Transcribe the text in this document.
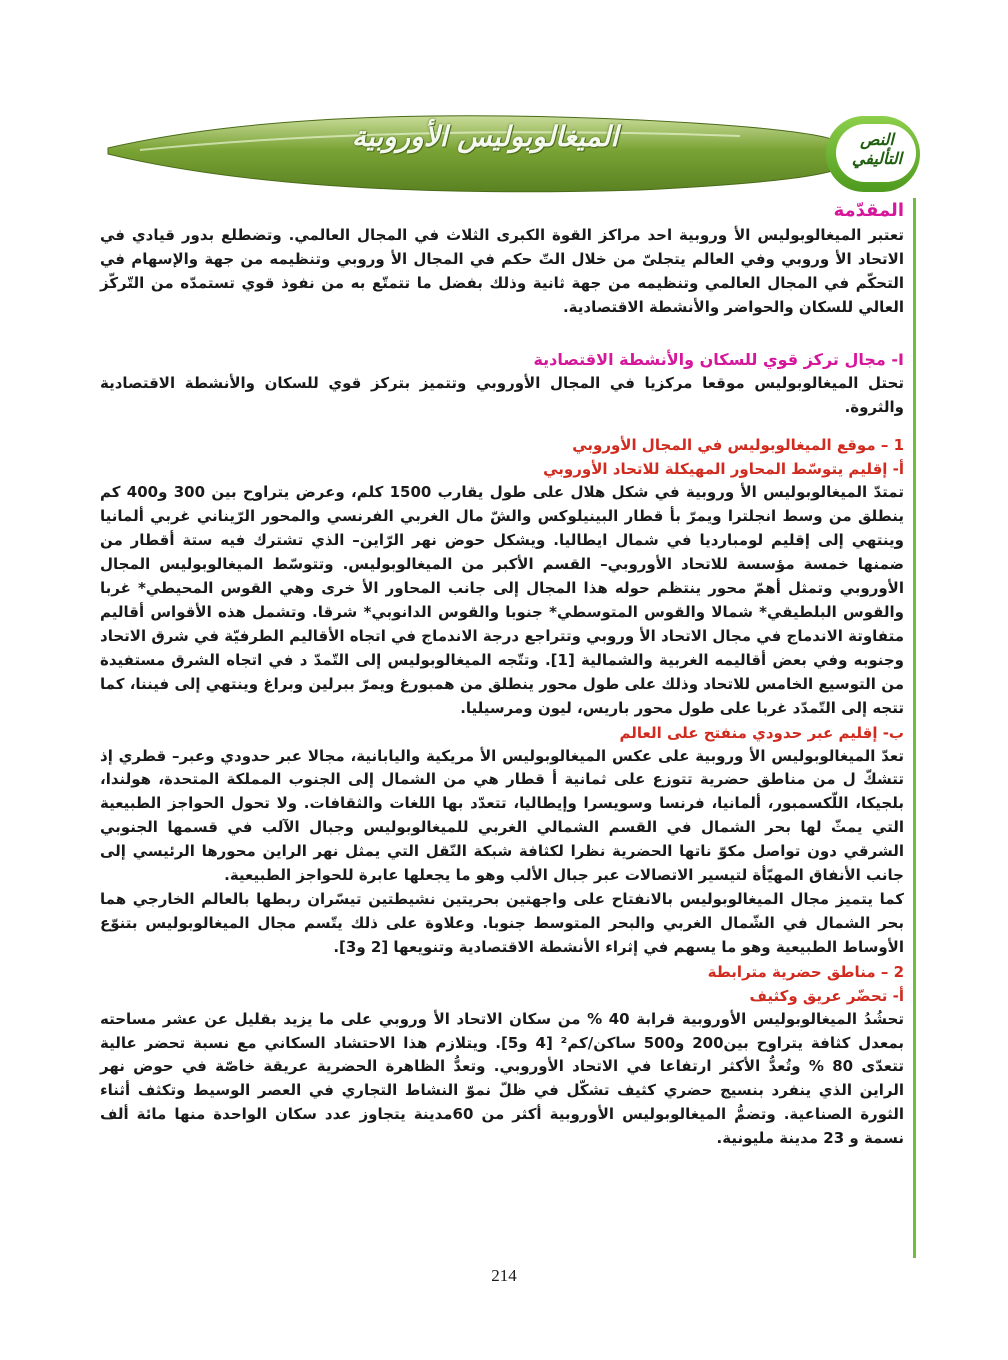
الميغالوبوليس الأوروبية	النص التأليفي

المقدّمة

تعتبر الميغالوبوليس الأ وروبية احد مراكز القوة الكبرى الثلاث في المجال العالمي. وتضطلع بدور قيادي في الاتحاد الأ وروبي وفي العالم يتجلىّ من خلال التّ حكم في المجال الأ وروبي وتنظيمه من جهة والإسهام في التحكّم في المجال العالمي وتنظيمه من جهة ثانية وذلك بفضل ما تتمتّع به من نفوذ قوي تستمدّه من التّركّز العالي للسكان والحواضر والأنشطة الاقتصادية.

I- مجال تركز قوي للسكان والأنشطة الاقتصادية

تحتل الميغالوبوليس موقعا مركزيا في المجال الأوروبي وتتميز بتركز قوي للسكان والأنشطة الاقتصادية والثروة.

1 – موقع الميغالوبوليس في المجال الأوروبي

أ- إقليم يتوسّط المحاور المهيكلة للاتحاد الأوروبي

تمتدّ الميغالوبوليس الأ وروبية في شكل هلال على طول يقارب 1500 كلم، وعرض يتراوح بين 300 و400 كم ينطلق من وسط انجلترا ويمرّ بأ قطار البينيلوكس والشّ مال الغربي الفرنسي والمحور الرّيناني غربي ألمانيا وينتهي إلى إقليم لومبارديا في شمال ايطاليا. ويشكل حوض نهر الرّاين– الذي تشترك فيه ستة أقطار من ضمنها خمسة مؤسسة للاتحاد الأوروبي– القسم الأكبر من الميغالوبوليس. وتتوسّط الميغالوبوليس المجال الأوروبي وتمثل أهمّ محور ينتظم حوله هذا المجال إلى جانب المحاور الأ خرى وهي القوس المحيطي* غربا والقوس البلطيقي* شمالا والقوس المتوسطي* جنوبا والقوس الدانوبي* شرقا. وتشمل هذه الأقواس أقاليم متفاوتة الاندماج في مجال الاتحاد الأ وروبي وتتراجع درجة الاندماج في اتجاه الأقاليم الطرفيّة في شرق الاتحاد وجنوبه وفي بعض أقاليمه الغربية والشمالية [1]. وتتّجه الميغالوبوليس إلى التّمدّ د في اتجاه الشرق مستفيدة من التوسيع الخامس للاتحاد وذلك على طول محور ينطلق من همبورغ ويمرّ ببرلين وبراغ وينتهي إلى فيننا، كما تتجه إلى التّمدّد غربا على طول محور باريس، ليون ومرسيليا.

ب- إقليم عبر حدودي منفتح على العالم

تعدّ الميغالوبوليس الأ وروبية على عكس الميغالوبوليس الأ مريكية واليابانية، مجالا عبر حدودي وعبر– قطري إذ تتشكّ ل من مناطق حضرية تتوزع على ثمانية أ قطار هي من الشمال إلى الجنوب المملكة المتحدة، هولندا، بلجيكا، اللّكسمبور، ألمانيا، فرنسا وسويسرا وإيطاليا، تتعدّد بها اللغات والثقافات. ولا تحول الحواجز الطبيعية التي يمثّ لها بحر الشمال في القسم الشمالي الغربي للميغالوبوليس وجبال الآلب في قسمها الجنوبي الشرقي دون تواصل مكوّ ناتها الحضرية نظرا لكثافة شبكة النّقل التي يمثل نهر الراين محورها الرئيسي إلى جانب الأنفاق المهيّأة لتيسير الاتصالات عبر جبال الألب وهو ما يجعلها عابرة للحواجز الطبيعية.

كما يتميز مجال الميغالوبوليس بالانفتاح على واجهتين بحريتين نشيطتين تيسّران ربطها بالعالم الخارجي هما بحر الشمال في الشّمال الغربي والبحر المتوسط جنوبا. وعلاوة على ذلك يتّسم مجال الميغالوبوليس بتنوّع الأوساط الطبيعية وهو ما يسهم في إثراء الأنشطة الاقتصادية وتنويعها [2 و3].

2 – مناطق حضرية مترابطة

أ- تحضّر عريق وكثيف

تحشُدُ الميغالوبوليس الأوروبية قرابة 40 % من سكان الاتحاد الأ وروبي على ما يزيد بقليل عن عشر مساحته بمعدل كثافة يتراوح بين200 و500 ساكن/كم² [4 و5]. ويتلازم هذا الاحتشاد السكاني مع نسبة تحضر عالية تتعدّى 80 % وتُعدُّ الأكثر ارتفاعا في الاتحاد الأوروبي. وتعدُّ الظاهرة الحضرية عريقة خاصّة في حوض نهر الراين الذي ينفرد بنسيج حضري كثيف تشكّل في ظلّ نموّ النشاط التجاري في العصر الوسيط وتكثف أثناء الثورة الصناعية. وتضمُّ الميغالوبوليس الأوروبية أكثر من 60مدينة يتجاوز عدد سكان الواحدة منها مائة ألف نسمة و 23 مدينة مليونية.

214
